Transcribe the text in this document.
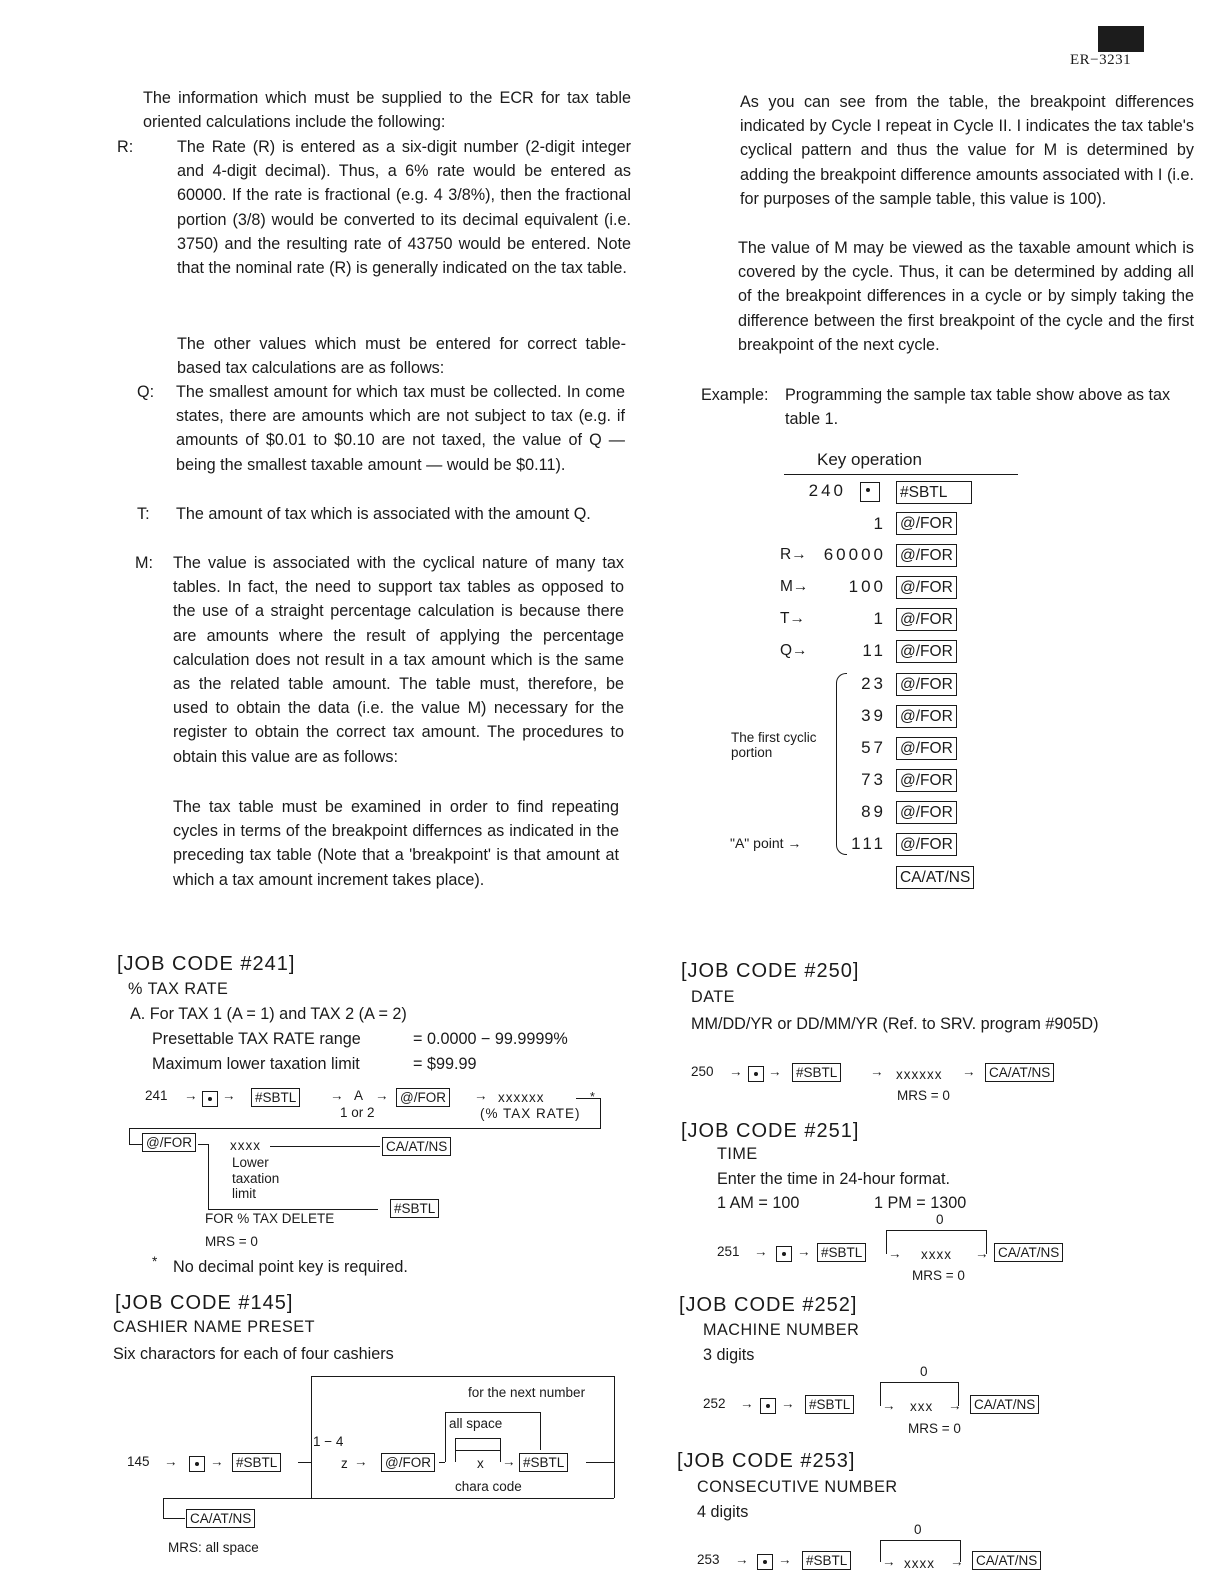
ER−3231

The information which must be supplied to the ECR for tax table oriented calculations include the following:

R:	The Rate (R) is entered as a six-digit number (2-digit integer and 4-digit decimal). Thus, a 6% rate would be entered as 60000. If the rate is fractional (e.g. 4 3/8%), then the fractional portion (3/8) would be converted to its decimal equivalent (i.e. 3750) and the resulting rate of 43750 would be entered. Note that the nominal rate (R) is generally indicated on the tax table.

The other values which must be entered for correct table-based tax calculations are as follows:

Q: The smallest amount for which tax must be collected. In come states, there are amounts which are not subject to tax (e.g. if amounts of $0.01 to $0.10 are not taxed, the value of Q — being the smallest taxable amount — would be $0.11).
T: The amount of tax which is associated with the amount Q.
M: The value is associated with the cyclical nature of many tax tables. In fact, the need to support tax tables as opposed to the use of a straight percentage calculation is because there are amounts where the result of applying the percentage calculation does not result in a tax amount which is the same as the related table amount. The table must, therefore, be used to obtain the data (i.e. the value M) necessary for the register to obtain the correct tax amount. The procedures to obtain this value are as follows:

The tax table must be examined in order to find repeating cycles in terms of the breakpoint differnces as indicated in the preceding tax table (Note that a 'breakpoint' is that amount at which a tax amount increment takes place).

[JOB CODE #241]
% TAX RATE
A. For TAX 1 (A = 1) and TAX 2 (A = 2)
Presettable TAX RATE range	= 0.0000 − 99.9999%
Maximum lower taxation limit	= $99.99
241 → → #SBTL → A → @/FOR
1 or 2
→ xxxxxx
(% TAX RATE)
*
@/FOR	xxxx	CA/AT/NS
Lower taxation limit
#SBTL
FOR % TAX DELETE
MRS = 0
* No decimal point key is required.
[JOB CODE #145]
CASHIER NAME PRESET
Six charactors for each of four cashiers
for the next number
all space
145 → → #SBTL
1 − 4
z → @/FOR	x → #SBTL
chara code
CA/AT/NS
MRS: all space

As you can see from the table, the breakpoint differences indicated by Cycle I repeat in Cycle II. I indicates the tax table's cyclical pattern and thus the value for M is determined by adding the breakpoint difference amounts associated with I (i.e. for purposes of the sample table, this value is 100).

The value of M may be viewed as the taxable amount which is covered by the cycle. Thus, it can be determined by adding all of the breakpoint differences in a cycle or by simply taking the difference between the first breakpoint of the cycle and the first breakpoint of the next cycle.

Example: Programming the sample tax table show above as tax table 1.
Key operation
240	#SBTL
1 @/FOR
R→	60000 @/FOR
M→	100 @/FOR
T→	1 @/FOR
Q→	11 @/FOR
The first cyclic portion
23 @/FOR
39 @/FOR
57 @/FOR
73 @/FOR
89 @/FOR
"A" point →	111 @/FOR
CA/AT/NS
[JOB CODE #250]
DATE
MM/DD/YR or DD/MM/YR (Ref. to SRV. program #905D)
250 → → #SBTL → xxxxxx → CA/AT/NS
MRS = 0
[JOB CODE #251]
TIME
Enter the time in 24-hour format.
1 AM = 100	1 PM = 1300
0
251 → → #SBTL → xxxx → CA/AT/NS
MRS = 0
[JOB CODE #252]
MACHINE NUMBER
3 digits
0
252 → → #SBTL → xxx → CA/AT/NS
MRS = 0
[JOB CODE #253]
CONSECUTIVE NUMBER
4 digits
0
253 → → #SBTL	→ xxxx → CA/AT/NS
